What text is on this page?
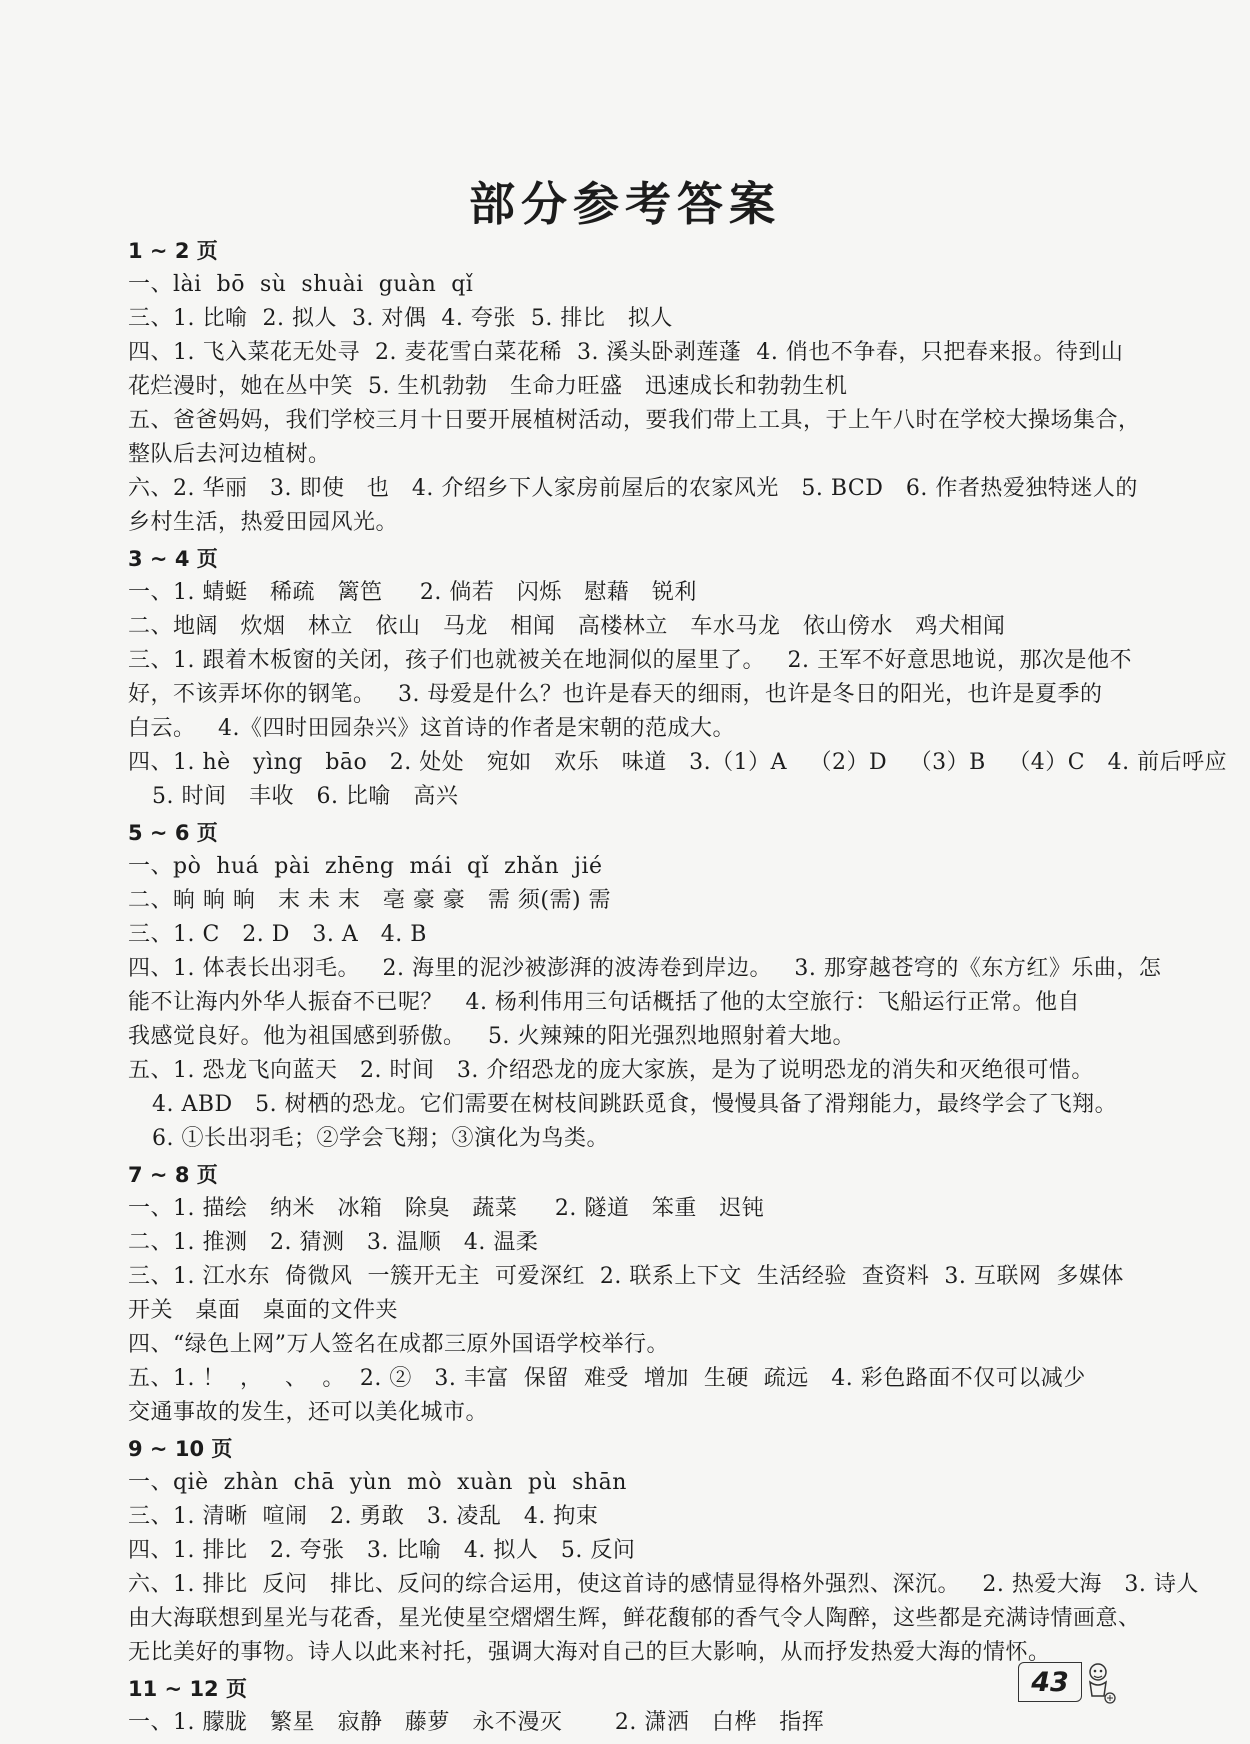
部分参考答案
1 ~ 2 页
一、lài  bō  sù  shuài  guàn  qǐ
三、1. 比喻  2. 拟人  3. 对偶  4. 夸张  5. 排比   拟人
四、1. 飞入菜花无处寻  2. 麦花雪白菜花稀  3. 溪头卧剥莲蓬  4. 俏也不争春，只把春来报。待到山
花烂漫时，她在丛中笑  5. 生机勃勃   生命力旺盛   迅速成长和勃勃生机
五、爸爸妈妈，我们学校三月十日要开展植树活动，要我们带上工具，于上午八时在学校大操场集合，
整队后去河边植树。
六、2. 华丽   3. 即使   也   4. 介绍乡下人家房前屋后的农家风光   5. BCD   6. 作者热爱独特迷人的
乡村生活，热爱田园风光。
3 ~ 4 页
一、1. 蜻蜓   稀疏   篱笆     2. 倘若   闪烁   慰藉   锐利
二、地阔   炊烟   林立   依山   马龙   相闻   高楼林立   车水马龙   依山傍水   鸡犬相闻
三、1. 跟着木板窗的关闭，孩子们也就被关在地洞似的屋里了。   2. 王军不好意思地说，那次是他不
好，不该弄坏你的钢笔。   3. 母爱是什么？也许是春天的细雨，也许是冬日的阳光，也许是夏季的
白云。   4.《四时田园杂兴》这首诗的作者是宋朝的范成大。
四、1. hè   yìng   bāo   2. 处处   宛如   欢乐   味道   3.（1）A   （2）D   （3）B   （4）C   4. 前后呼应
5. 时间   丰收   6. 比喻   高兴
5 ~ 6 页
一、pò  huá  pài  zhēng  mái  qǐ  zhǎn  jié
二、晌 晌 晌   末 未 末   亳 豪 豪   需 须(需) 需
三、1. C   2. D   3. A   4. B
四、1. 体表长出羽毛。   2. 海里的泥沙被澎湃的波涛卷到岸边。   3. 那穿越苍穹的《东方红》乐曲，怎
能不让海内外华人振奋不已呢？   4. 杨利伟用三句话概括了他的太空旅行：飞船运行正常。他自
我感觉良好。他为祖国感到骄傲。   5. 火辣辣的阳光强烈地照射着大地。
五、1. 恐龙飞向蓝天   2. 时间   3. 介绍恐龙的庞大家族，是为了说明恐龙的消失和灭绝很可惜。
4. ABD   5. 树栖的恐龙。它们需要在树枝间跳跃觅食，慢慢具备了滑翔能力，最终学会了飞翔。
6. ①长出羽毛；②学会飞翔；③演化为鸟类。
7 ~ 8 页
一、1. 描绘   纳米   冰箱   除臭   蔬菜     2. 隧道   笨重   迟钝
二、1. 推测   2. 猜测   3. 温顺   4. 温柔
三、1. 江水东  倚微风  一簇开无主  可爱深红  2. 联系上下文  生活经验  查资料  3. 互联网  多媒体
开关   桌面   桌面的文件夹
四、“绿色上网”万人签名在成都三原外国语学校举行。
五、1. ！  ，   、  。  2. ②   3. 丰富  保留  难受  增加  生硬  疏远   4. 彩色路面不仅可以减少
交通事故的发生，还可以美化城市。
9 ~ 10 页
一、qiè  zhàn  chā  yùn  mò  xuàn  pù  shān
三、1. 清晰  喧闹   2. 勇敢   3. 凌乱   4. 拘束
四、1. 排比   2. 夸张   3. 比喻   4. 拟人   5. 反问
六、1. 排比  反问   排比、反问的综合运用，使这首诗的感情显得格外强烈、深沉。   2. 热爱大海   3. 诗人
由大海联想到星光与花香，星光使星空熠熠生辉，鲜花馥郁的香气令人陶醉，这些都是充满诗情画意、
无比美好的事物。诗人以此来衬托，强调大海对自己的巨大影响，从而抒发热爱大海的情怀。
11 ~ 12 页
一、1. 朦胧   繁星   寂静   藤萝   永不漫灭       2. 潇洒   白桦   指挥
43
